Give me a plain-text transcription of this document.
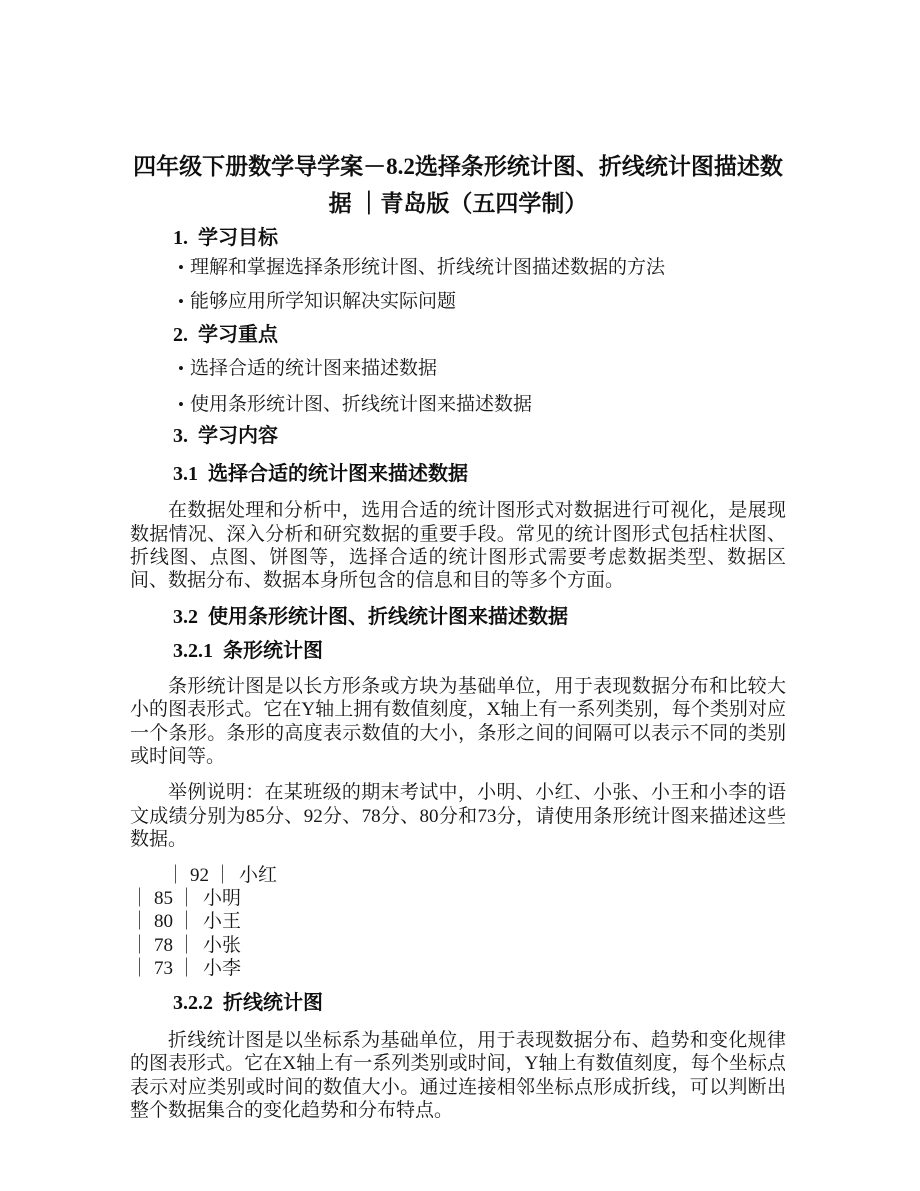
四年级下册数学导学案－8.2选择条形统计图、折线统计图描述数
据 ｜青岛版（五四学制）
1. 学习目标
• 理解和掌握选择条形统计图、折线统计图描述数据的方法
• 能够应用所学知识解决实际问题
2. 学习重点
• 选择合适的统计图来描述数据
• 使用条形统计图、折线统计图来描述数据
3. 学习内容
3.1 选择合适的统计图来描述数据

在数据处理和分析中，选用合适的统计图形式对数据进行可视化，是展现数据情况、深入分析和研究数据的重要手段。常见的统计图形式包括柱状图、折线图、点图、饼图等，选择合适的统计图形式需要考虑数据类型、数据区间、数据分布、数据本身所包含的信息和目的等多个方面。

3.2 使用条形统计图、折线统计图来描述数据
3.2.1 条形统计图

条形统计图是以长方形条或方块为基础单位，用于表现数据分布和比较大小的图表形式。它在Y轴上拥有数值刻度，X轴上有一系列类别，每个类别对应一个条形。条形的高度表示数值的大小，条形之间的间隔可以表示不同的类别或时间等。

举例说明：在某班级的期末考试中，小明、小红、小张、小王和小李的语文成绩分别为85分、92分、78分、80分和73分，请使用条形统计图来描述这些数据。

｜ 92 ｜ 小红
｜ 85 ｜ 小明
｜ 80 ｜ 小王
｜ 78 ｜ 小张
｜ 73 ｜ 小李
3.2.2 折线统计图

折线统计图是以坐标系为基础单位，用于表现数据分布、趋势和变化规律的图表形式。它在X轴上有一系列类别或时间，Y轴上有数值刻度，每个坐标点表示对应类别或时间的数值大小。通过连接相邻坐标点形成折线，可以判断出整个数据集合的变化趋势和分布特点。
